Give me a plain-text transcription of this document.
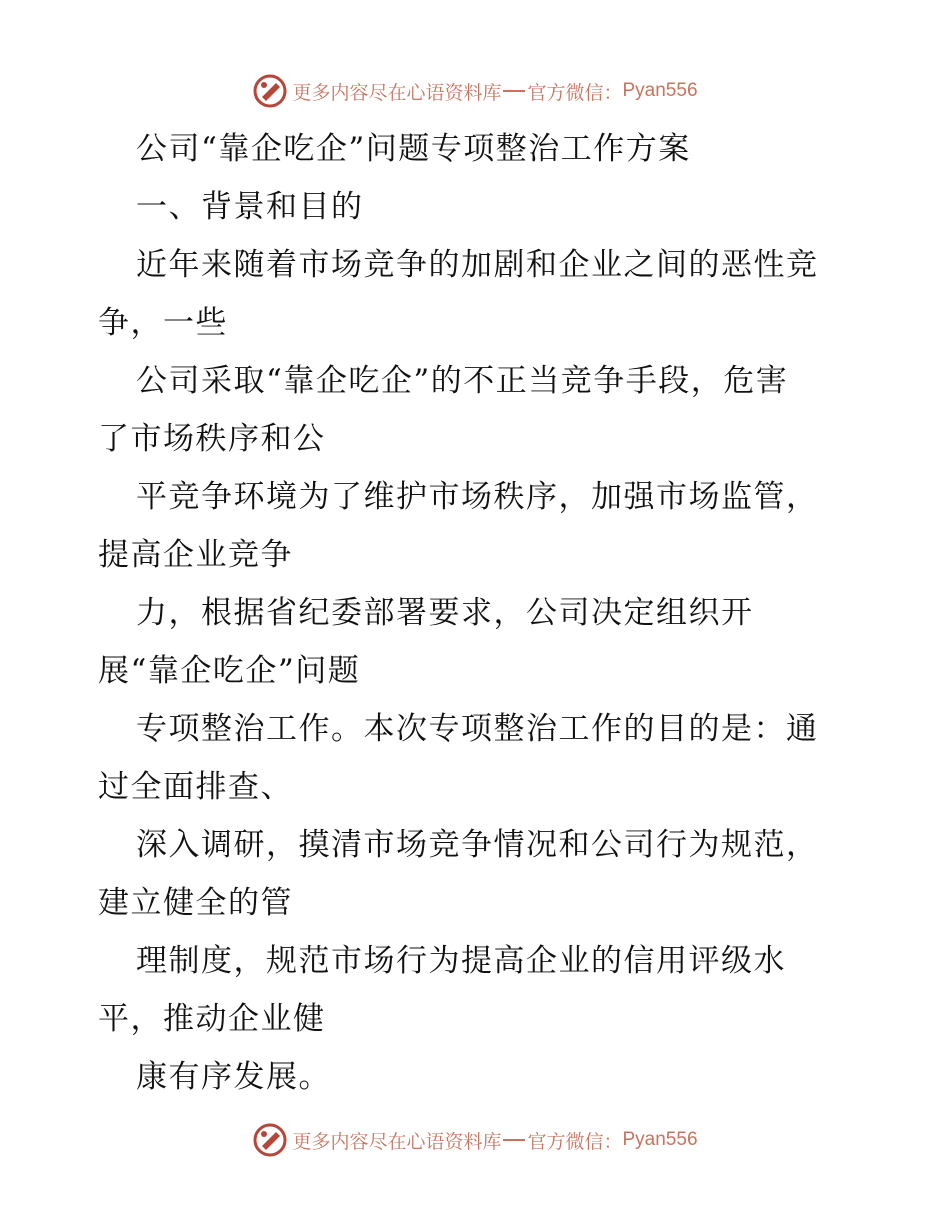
更多内容尽在心语资料库 官方微信： Pyan556
公司“靠企吃企”问题专项整治工作方案
一、背景和目的
近年来随着市场竞争的加剧和企业之间的恶性竞
争，一些
公司采取“靠企吃企”的不正当竞争手段，危害
了市场秩序和公
平竞争环境为了维护市场秩序，加强市场监管，
提高企业竞争
力，根据省纪委部署要求，公司决定组织开
展“靠企吃企”问题
专项整治工作。本次专项整治工作的目的是：通
过全面排查、
深入调研，摸清市场竞争情况和公司行为规范，
建立健全的管
理制度，规范市场行为提高企业的信用评级水
平，推动企业健
康有序发展。
更多内容尽在心语资料库 官方微信： Pyan556
